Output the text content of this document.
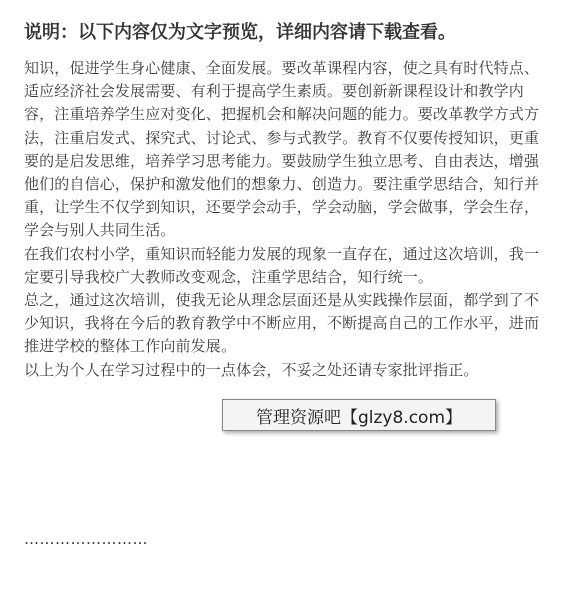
说明：以下内容仅为文字预览，详细内容请下载查看。

知识，促进学生身心健康、全面发展。要改革课程内容，使之具有时代特点、适应经济社会发展需要、有利于提高学生素质。要创新新课程设计和教学内容，注重培养学生应对变化、把握机会和解决问题的能力。要改革教学方式方法，注重启发式、探究式、讨论式、参与式教学。教育不仅要传授知识，更重要的是启发思维，培养学习思考能力。要鼓励学生独立思考、自由表达，增强他们的自信心，保护和激发他们的想象力、创造力。要注重学思结合，知行并重，让学生不仅学到知识，还要学会动手，学会动脑，学会做事，学会生存，学会与别人共同生活。

在我们农村小学，重知识而轻能力发展的现象一直存在，通过这次培训，我一定要引导我校广大教师改变观念，注重学思结合，知行统一。

总之，通过这次培训，使我无论从理念层面还是从实践操作层面，都学到了不少知识，我将在今后的教育教学中不断应用，不断提高自己的工作水平，进而推进学校的整体工作向前发展。

以上为个人在学习过程中的一点体会，不妥之处还请专家批评指正。

……………………
管理资源吧【glzy8.com】
